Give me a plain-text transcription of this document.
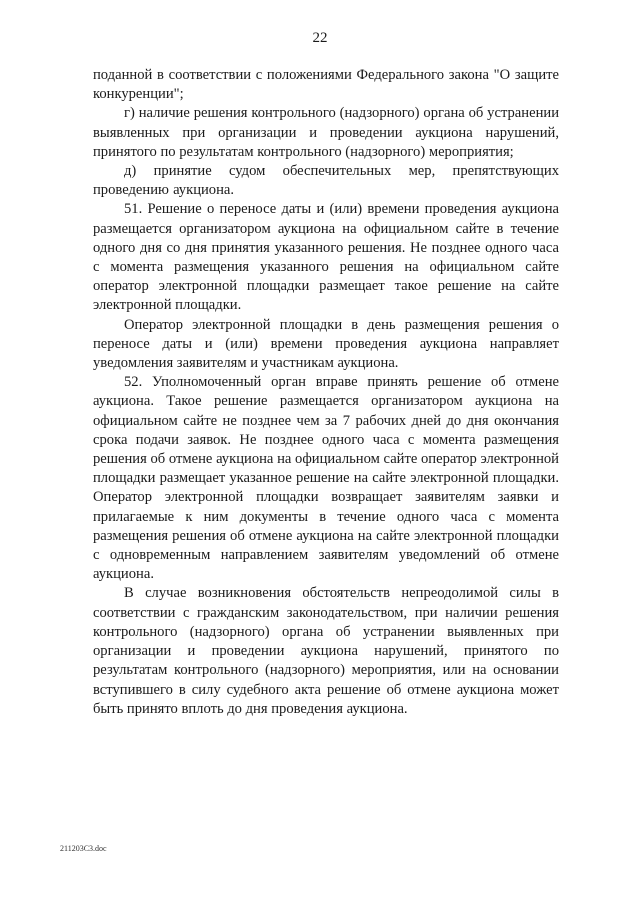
22

поданной в соответствии с положениями Федерального закона "О защите конкуренции";

г) наличие решения контрольного (надзорного) органа об устранении выявленных при организации и проведении аукциона нарушений, принятого по результатам контрольного (надзорного) мероприятия;

д) принятие судом обеспечительных мер, препятствующих проведению аукциона.

51. Решение о переносе даты и (или) времени проведения аукциона размещается организатором аукциона на официальном сайте в течение одного дня со дня принятия указанного решения. Не позднее одного часа с момента размещения указанного решения на официальном сайте оператор электронной площадки размещает такое решение на сайте электронной площадки.

Оператор электронной площадки в день размещения решения о переносе даты и (или) времени проведения аукциона направляет уведомления заявителям и участникам аукциона.

52. Уполномоченный орган вправе принять решение об отмене аукциона. Такое решение размещается организатором аукциона на официальном сайте не позднее чем за 7 рабочих дней до дня окончания срока подачи заявок. Не позднее одного часа с момента размещения решения об отмене аукциона на официальном сайте оператор электронной площадки размещает указанное решение на сайте электронной площадки. Оператор электронной площадки возвращает заявителям заявки и прилагаемые к ним документы в течение одного часа с момента размещения решения об отмене аукциона на сайте электронной площадки с одновременным направлением заявителям уведомлений об отмене аукциона.

В случае возникновения обстоятельств непреодолимой силы в соответствии с гражданским законодательством, при наличии решения контрольного (надзорного) органа об устранении выявленных при организации и проведении аукциона нарушений, принятого по результатам контрольного (надзорного) мероприятия, или на основании вступившего в силу судебного акта решение об отмене аукциона может быть принято вплоть до дня проведения аукциона.

211203C3.doc
